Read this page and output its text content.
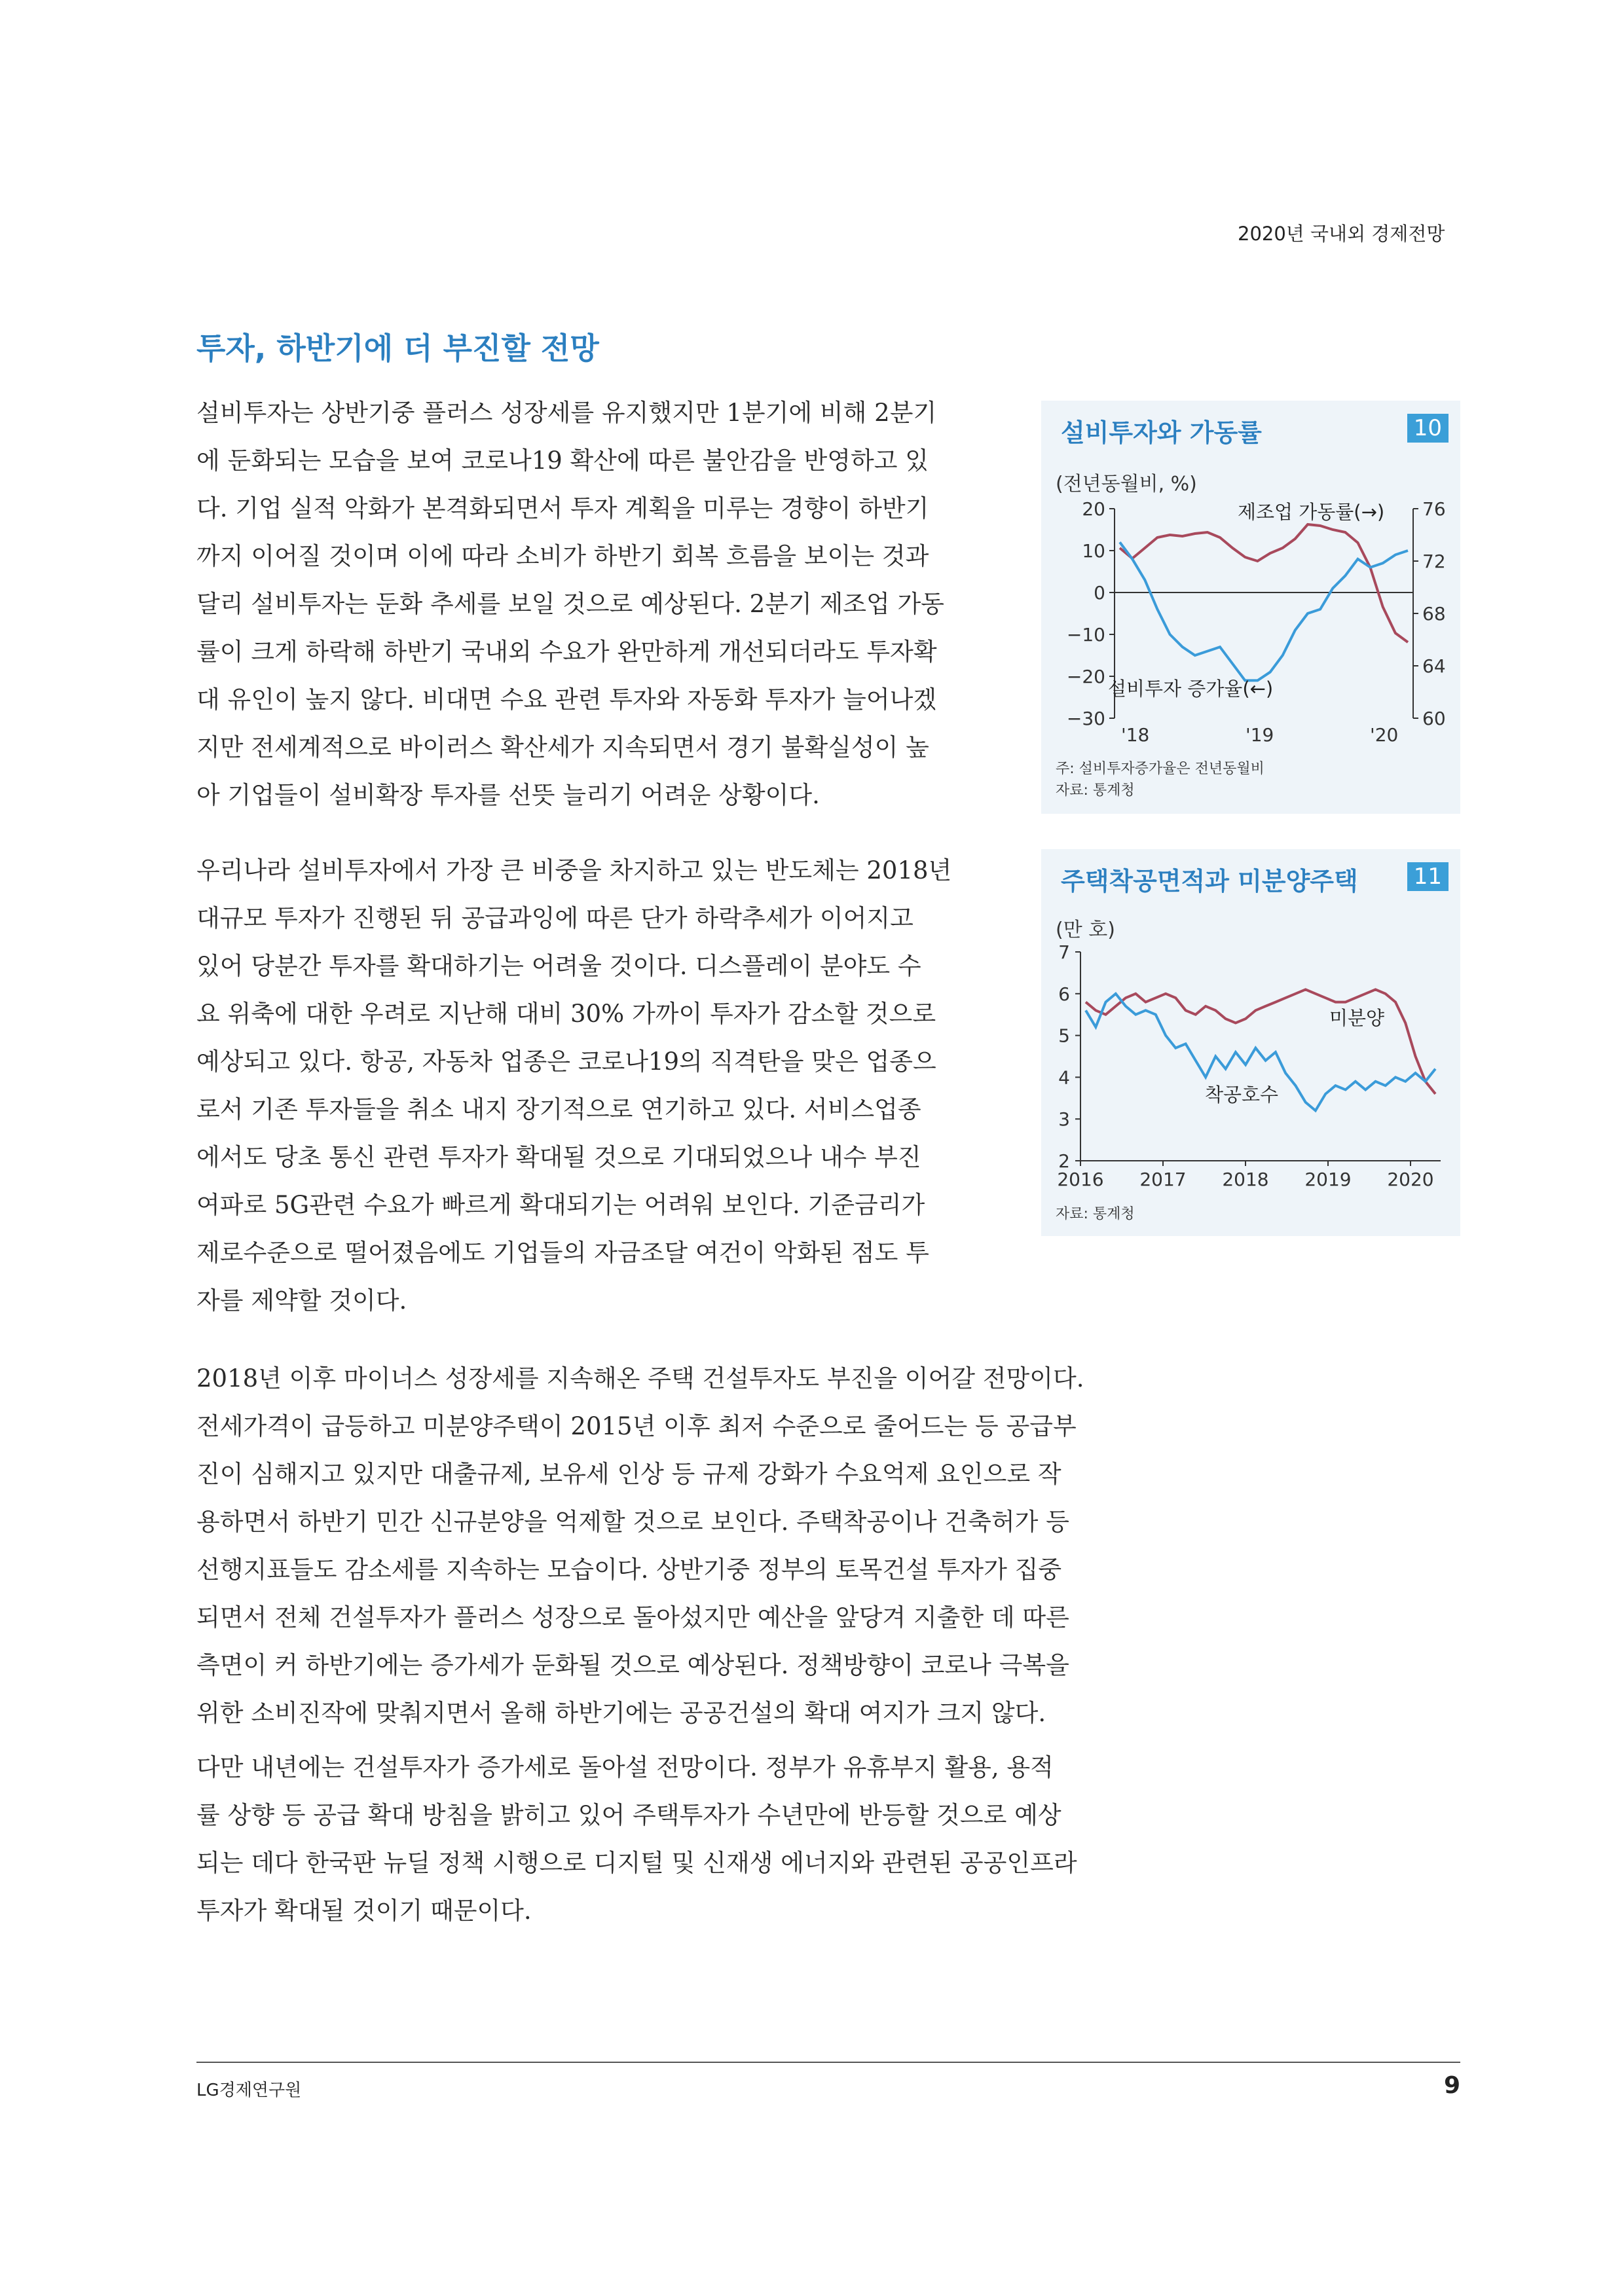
2020년 국내외 경제전망
투자, 하반기에 더 부진할 전망

설비투자는 상반기중 플러스 성장세를 유지했지만 1분기에 비해 2분기
에 둔화되는 모습을 보여 코로나19 확산에 따른 불안감을 반영하고 있
다. 기업 실적 악화가 본격화되면서 투자 계획을 미루는 경향이 하반기
까지 이어질 것이며 이에 따라 소비가 하반기 회복 흐름을 보이는 것과
달리 설비투자는 둔화 추세를 보일 것으로 예상된다. 2분기 제조업 가동
률이 크게 하락해 하반기 국내외 수요가 완만하게 개선되더라도 투자확
대 유인이 높지 않다. 비대면 수요 관련 투자와 자동화 투자가 늘어나겠
지만 전세계적으로 바이러스 확산세가 지속되면서 경기 불확실성이 높
아 기업들이 설비확장 투자를 선뜻 늘리기 어려운 상황이다.

우리나라 설비투자에서 가장 큰 비중을 차지하고 있는 반도체는 2018년
대규모 투자가 진행된 뒤 공급과잉에 따른 단가 하락추세가 이어지고
있어 당분간 투자를 확대하기는 어려울 것이다. 디스플레이 분야도 수
요 위축에 대한 우려로 지난해 대비 30% 가까이 투자가 감소할 것으로
예상되고 있다. 항공, 자동차 업종은 코로나19의 직격탄을 맞은 업종으
로서 기존 투자들을 취소 내지 장기적으로 연기하고 있다. 서비스업종
에서도 당초 통신 관련 투자가 확대될 것으로 기대되었으나 내수 부진
여파로 5G관련 수요가 빠르게 확대되기는 어려워 보인다. 기준금리가
제로수준으로 떨어졌음에도 기업들의 자금조달 여건이 악화된 점도 투
자를 제약할 것이다.

2018년 이후 마이너스 성장세를 지속해온 주택 건설투자도 부진을 이어갈 전망이다.
전세가격이 급등하고 미분양주택이 2015년 이후 최저 수준으로 줄어드는 등 공급부
진이 심해지고 있지만 대출규제, 보유세 인상 등 규제 강화가 수요억제 요인으로 작
용하면서 하반기 민간 신규분양을 억제할 것으로 보인다. 주택착공이나 건축허가 등
선행지표들도 감소세를 지속하는 모습이다. 상반기중 정부의 토목건설 투자가 집중
되면서 전체 건설투자가 플러스 성장으로 돌아섰지만 예산을 앞당겨 지출한 데 따른
측면이 커 하반기에는 증가세가 둔화될 것으로 예상된다. 정책방향이 코로나 극복을
위한 소비진작에 맞춰지면서 올해 하반기에는 공공건설의 확대 여지가 크지 않다.

다만 내년에는 건설투자가 증가세로 돌아설 전망이다. 정부가 유휴부지 활용, 용적
률 상향 등 공급 확대 방침을 밝히고 있어 주택투자가 수년만에 반등할 것으로 예상
되는 데다 한국판 뉴딜 정책 시행으로 디지털 및 신재생 에너지와 관련된 공공인프라
투자가 확대될 것이기 때문이다.

설비투자와 가동률	10
(전년동월비, %)
20
10
0
−10
−20
−30
76
72
68
64
60
'18	'19	'20
제조업 가동률(→)
설비투자 증가율(←)
주: 설비투자증가율은 전년동월비
자료: 통계청
주택착공면적과 미분양주택	11
(만 호)
7
6
5
4
3
2
2016 2017 2018 2019 2020
미분양
착공호수
자료: 통계청
LG경제연구원	9
